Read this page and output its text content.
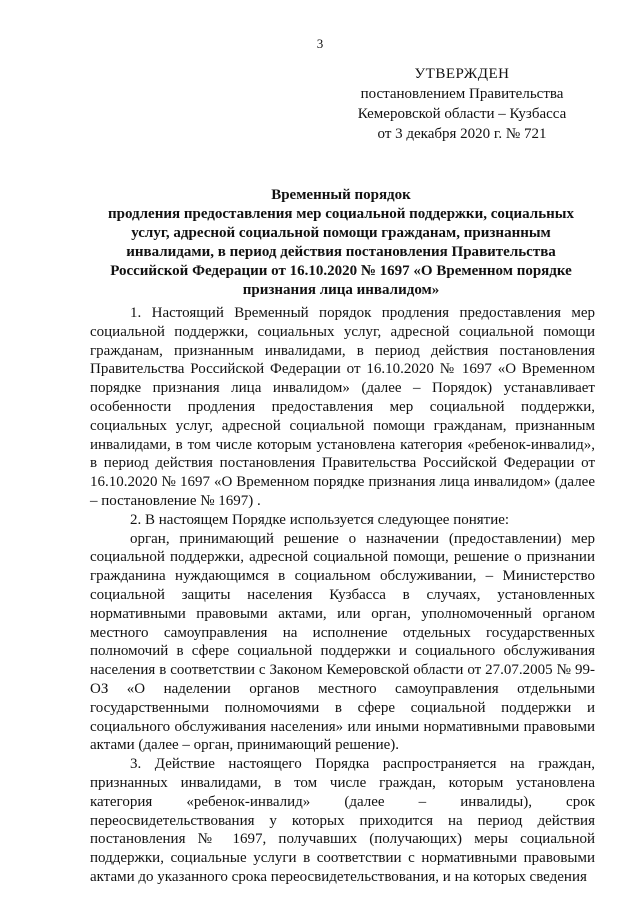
3
УТВЕРЖДЕН
постановлением Правительства
Кемеровской области – Кузбасса
от 3 декабря 2020 г. № 721
Временный порядок
продления предоставления мер социальной поддержки, социальных
услуг, адресной социальной помощи гражданам, признанным
инвалидами, в период действия постановления Правительства
Российской Федерации от 16.10.2020 № 1697 «О Временном порядке
признания лица инвалидом»

1. Настоящий Временный порядок продления предоставления мер социальной поддержки, социальных услуг, адресной социальной помощи гражданам, признанным инвалидами, в период действия постановления Правительства Российской Федерации от 16.10.2020 № 1697 «О Временном порядке признания лица инвалидом» (далее – Порядок) устанавливает особенности продления предоставления мер социальной поддержки, социальных услуг, адресной социальной помощи гражданам, признанным инвалидами, в том числе которым установлена категория «ребенок-инвалид», в период действия постановления Правительства Российской Федерации от 16.10.2020 № 1697 «О Временном порядке признания лица инвалидом» (далее – постановление № 1697) .

2. В настоящем Порядке используется следующее понятие:

орган, принимающий решение о назначении (предоставлении) мер социальной поддержки, адресной социальной помощи, решение о признании гражданина нуждающимся в социальном обслуживании, – Министерство социальной защиты населения Кузбасса в случаях, установленных нормативными правовыми актами, или орган, уполномоченный органом местного самоуправления на исполнение отдельных государственных полномочий в сфере социальной поддержки и социального обслуживания населения в соответствии с Законом Кемеровской области от 27.07.2005 № 99-ОЗ «О наделении органов местного самоуправления отдельными государственными полномочиями в сфере социальной поддержки и социального обслуживания населения» или иными нормативными правовыми актами (далее – орган, принимающий решение).

3. Действие настоящего Порядка распространяется на граждан, признанных инвалидами, в том числе граждан, которым установлена категория «ребенок-инвалид» (далее – инвалиды), срок переосвидетельствования у которых приходится на период действия постановления № 1697, получавших (получающих) меры социальной поддержки, социальные услуги в соответствии с нормативными правовыми актами до указанного срока переосвидетельствования, и на которых сведения
